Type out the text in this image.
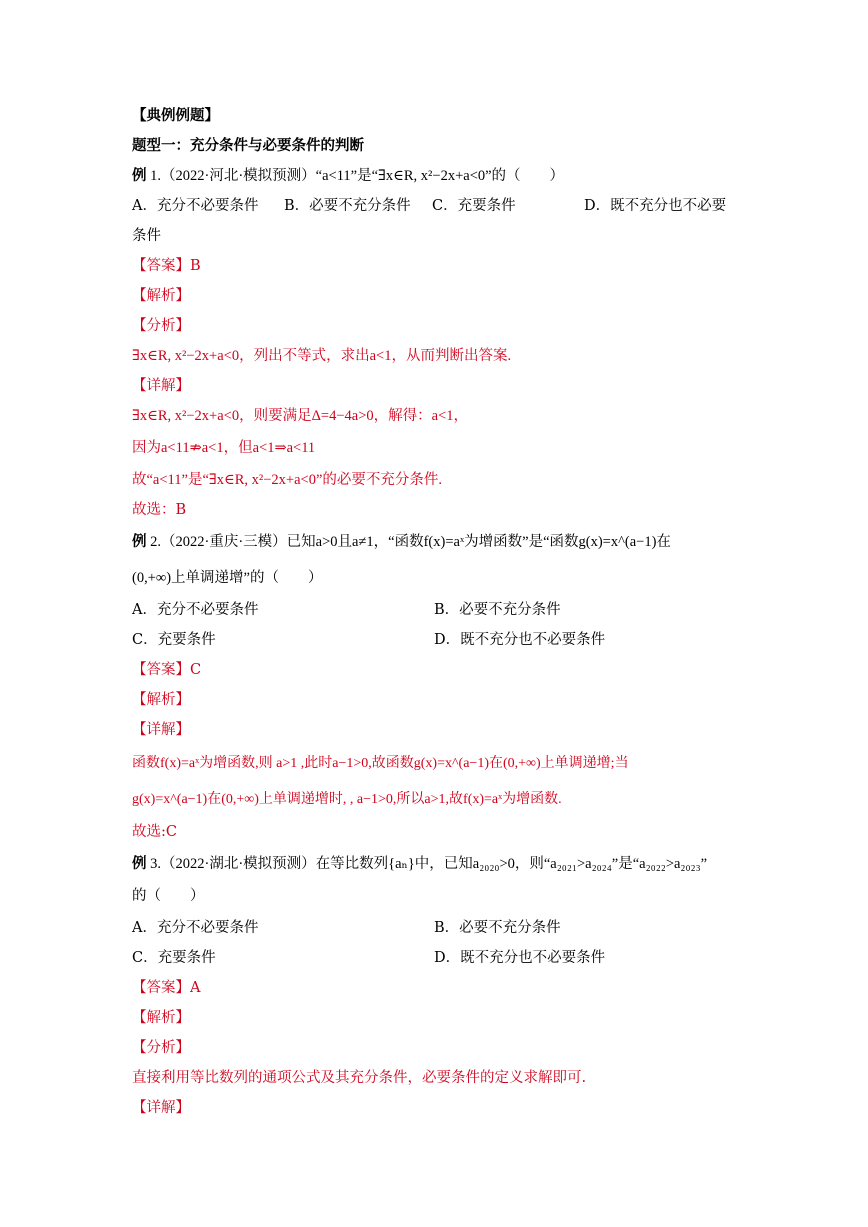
【典例例题】
题型一：充分条件与必要条件的判断
例 1.（2022·河北·模拟预测）“a<11”是“∃x∈R, x²−2x+a<0”的（　　）
A．充分不必要条件 B．必要不充分条件 C．充要条件	D．既不充分也不必要
条件
【答案】B
【解析】
【分析】
∃x∈R, x²−2x+a<0，列出不等式，求出a<1，从而判断出答案.
【详解】
∃x∈R, x²−2x+a<0，则要满足Δ=4−4a>0，解得：a<1，
因为a<11⇏a<1，但a<1⇒a<11
故“a<11”是“∃x∈R, x²−2x+a<0”的必要不充分条件.
故选：B
例 2.（2022·重庆·三模）已知a>0且a≠1，“函数f(x)=aˣ为增函数”是“函数g(x)=x^(a−1)在
(0,+∞)上单调递增”的（　　）
A．充分不必要条件	B．必要不充分条件
C．充要条件	D．既不充分也不必要条件
【答案】C
【解析】
【详解】
函数f(x)=aˣ为增函数,则 a>1 ,此时a−1>0,故函数g(x)=x^(a−1)在(0,+∞)上单调递增;当
g(x)=x^(a−1)在(0,+∞)上单调递增时, , a−1>0,所以a>1,故f(x)=aˣ为增函数.
故选:C
例 3.（2022·湖北·模拟预测）在等比数列{aₙ}中，已知a₂₀₂₀>0，则“a₂₀₂₁>a₂₀₂₄”是“a₂₀₂₂>a₂₀₂₃”
的（　　）
A．充分不必要条件	B．必要不充分条件
C．充要条件	D．既不充分也不必要条件
【答案】A
【解析】
【分析】
直接利用等比数列的通项公式及其充分条件，必要条件的定义求解即可.
【详解】
